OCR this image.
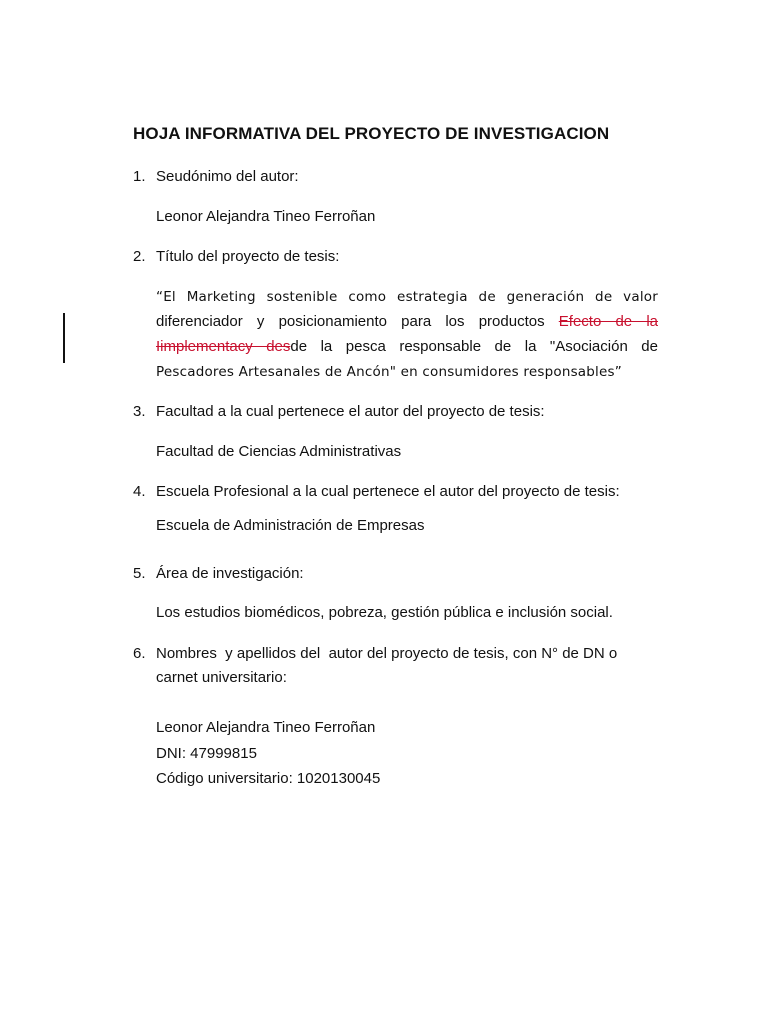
HOJA INFORMATIVA DEL PROYECTO DE INVESTIGACION
1. Seudónimo del autor:
Leonor Alejandra Tineo Ferroñan
2. Título del proyecto de tesis:
“El Marketing sostenible como estrategia de generación de valor
diferenciador y posicionamiento para los productos Efecto de la
Iimplementacy desde la pesca responsable de la "Asociación de
Pescadores Artesanales de Ancón" en consumidores responsables”
3. Facultad a la cual pertenece el autor del proyecto de tesis:
Facultad de Ciencias Administrativas
4. Escuela Profesional a la cual pertenece el autor del proyecto de tesis:
Escuela de Administración de Empresas
5. Área de investigación:
Los estudios biomédicos, pobreza, gestión pública e inclusión social.
6. Nombres  y apellidos del  autor del proyecto de tesis, con N° de DN o
carnet universitario:
Leonor Alejandra Tineo Ferroñan
DNI: 47999815
Código universitario: 1020130045
